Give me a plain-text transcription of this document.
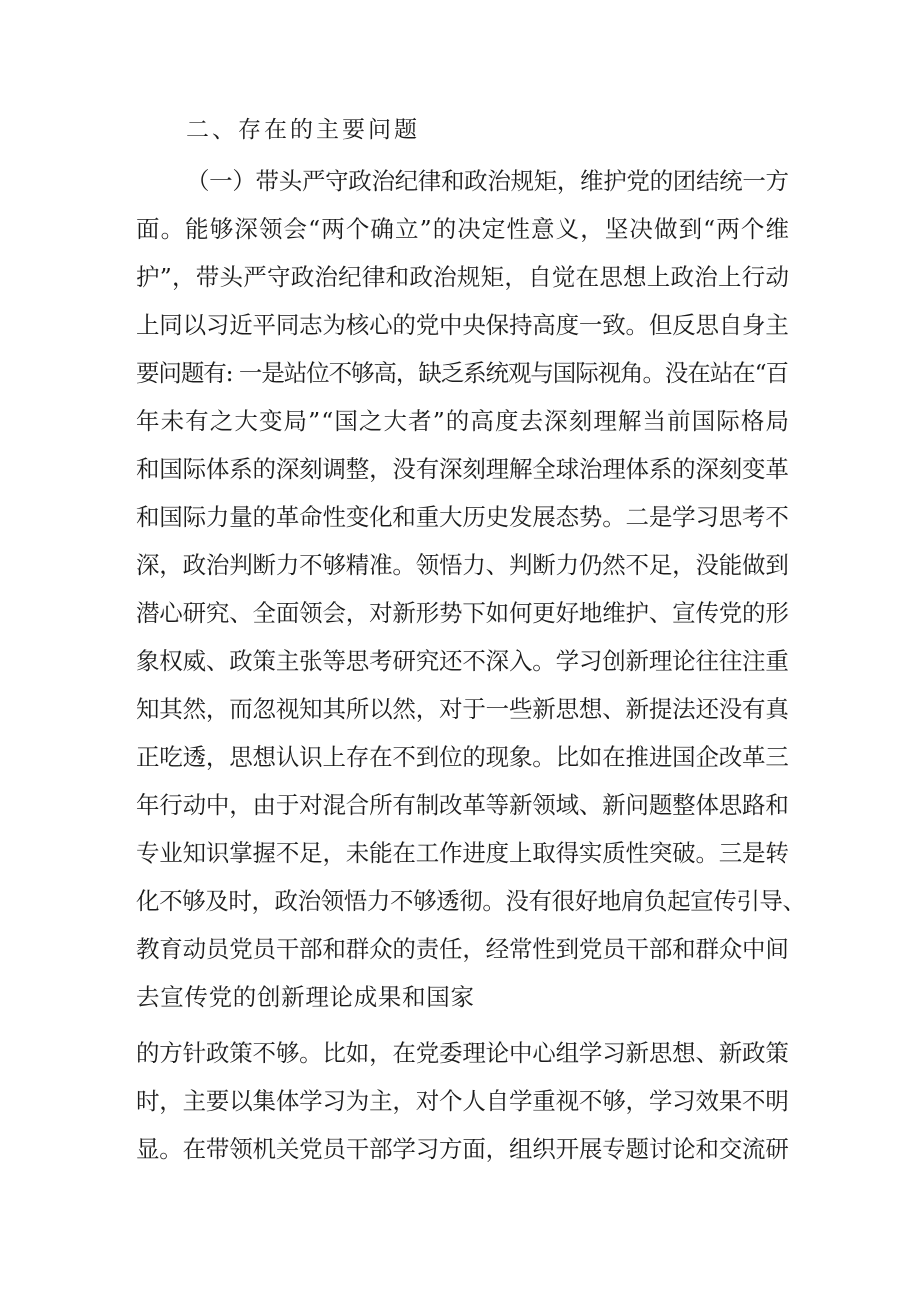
二、存在的主要问题
（一）带头严守政治纪律和政治规矩，维护党的团结统一方
面。能够深领会“两个确立”的决定性意义，坚决做到“两个维
护”，带头严守政治纪律和政治规矩，自觉在思想上政治上行动
上同以习近平同志为核心的党中央保持高度一致。但反思自身主
要问题有: 一是站位不够高，缺乏系统观与国际视角。没在站在“百
年未有之大变局”“国之大者”的高度去深刻理解当前国际格局
和国际体系的深刻调整，没有深刻理解全球治理体系的深刻变革
和国际力量的革命性变化和重大历史发展态势。二是学习思考不
深，政治判断力不够精准。领悟力、判断力仍然不足，没能做到
潜心研究、全面领会，对新形势下如何更好地维护、宣传党的形
象权威、政策主张等思考研究还不深入。学习创新理论往往注重
知其然，而忽视知其所以然，对于一些新思想、新提法还没有真
正吃透，思想认识上存在不到位的现象。比如在推进国企改革三
年行动中，由于对混合所有制改革等新领域、新问题整体思路和
专业知识掌握不足，未能在工作进度上取得实质性突破。三是转
化不够及时，政治领悟力不够透彻。没有很好地肩负起宣传引导、
教育动员党员干部和群众的责任，经常性到党员干部和群众中间
去宣传党的创新理论成果和国家
的方针政策不够。比如，在党委理论中心组学习新思想、新政策
时，主要以集体学习为主，对个人自学重视不够，学习效果不明
显。在带领机关党员干部学习方面，组织开展专题讨论和交流研
